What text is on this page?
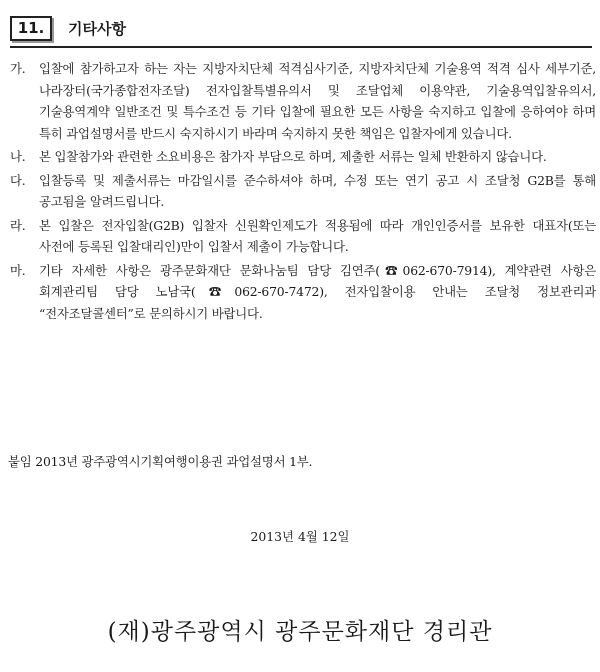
11.	기타사항
가.	입찰에 참가하고자 하는 자는 지방자치단체 적격심사기준, 지방자치단체 기술용역 적격 심사 세부기준, 나라장터(국가종합전자조달) 전자입찰특별유의서 및 조달업체 이용약관, 기술용역입찰유의서, 기술용역계약 일반조건 및 특수조건 등 기타 입찰에 필요한 모든 사항을 숙지하고 입찰에 응하여야 하며 특히 과업설명서를 반드시 숙지하시기 바라며 숙지하지 못한 책임은 입찰자에게 있습니다.
나.	본 입찰참가와 관련한 소요비용은 참가자 부담으로 하며, 제출한 서류는 일체 반환하지 않습니다.
다.	입찰등록 및 제출서류는 마감일시를 준수하셔야 하며, 수정 또는 연기 공고 시 조달청 G2B를 통해 공고됨을 알려드립니다.
라.	본 입찰은 전자입찰(G2B) 입찰자 신원확인제도가 적용됨에 따라 개인인증서를 보유한 대표자(또는 사전에 등록된 입찰대리인)만이 입찰서 제출이 가능합니다.
마.	기타 자세한 사항은 광주문화재단 문화나눔팀 담당 김연주(☎062-670-7914), 계약관련 사항은 회계관리팀 담당 노남국(☎062-670-7472), 전자입찰이용 안내는 조달청 정보관리과 “전자조달콜센터”로 문의하시기 바랍니다.
붙임 2013년 광주광역시기획여행이용권 과업설명서 1부.
2013년 4월 12일
(재)광주광역시 광주문화재단 경리관
